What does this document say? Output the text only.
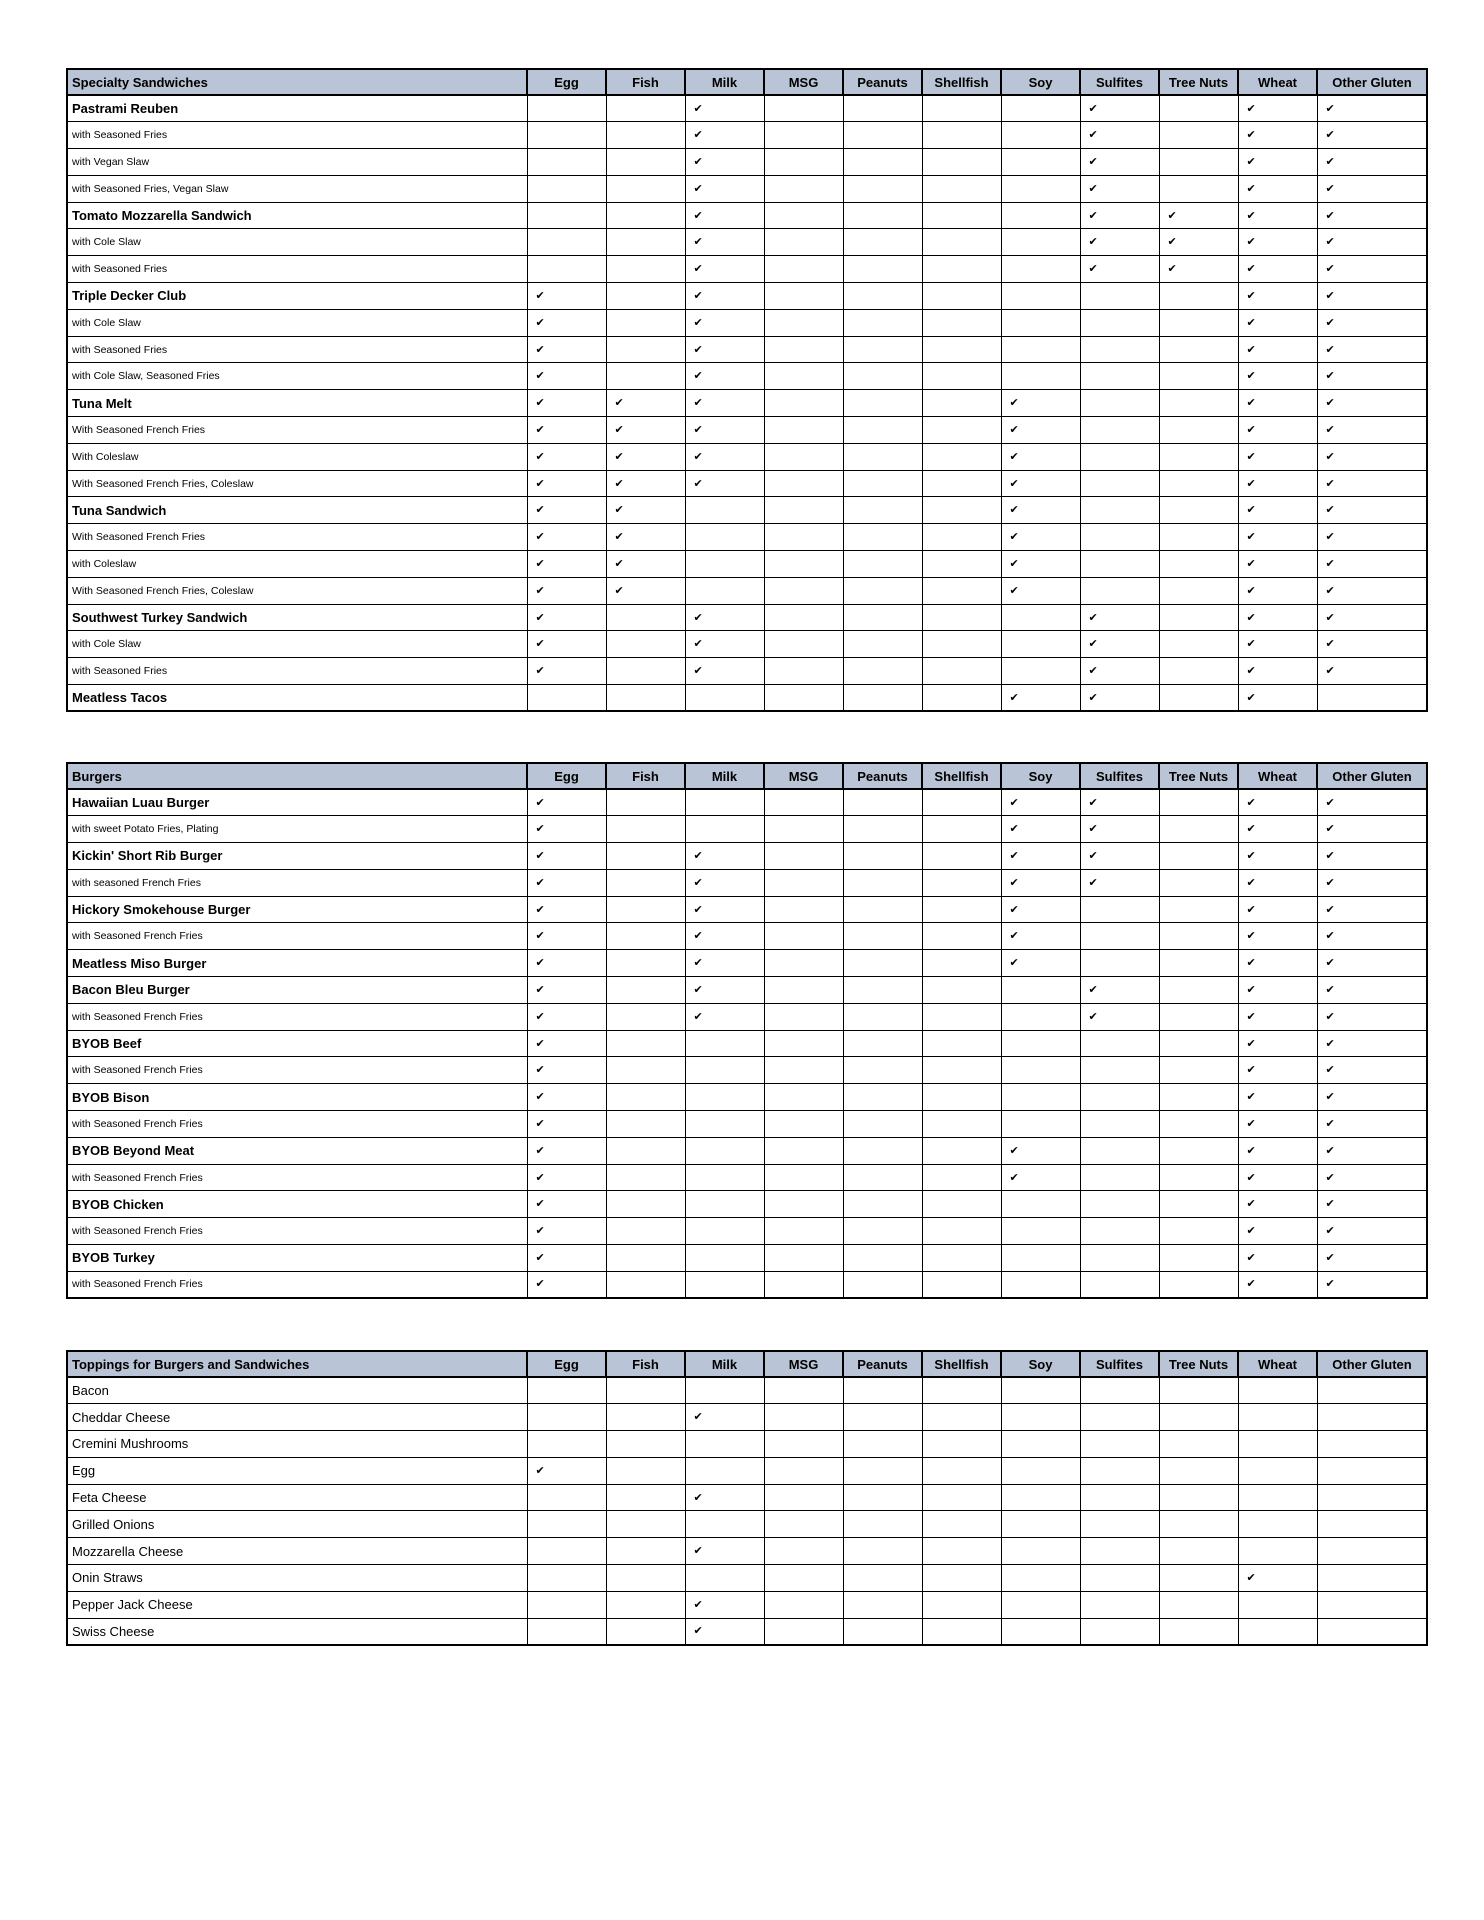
Specialty Sandwiches	Egg	Fish	Milk	MSG	Peanuts	Shellfish	Soy	Sulfites	Tree Nuts	Wheat	Other Gluten
Pastrami Reuben			✔					✔		✔	✔
with Seasoned Fries			✔					✔		✔	✔
with Vegan Slaw			✔					✔		✔	✔
with Seasoned Fries, Vegan Slaw			✔					✔		✔	✔
Tomato Mozzarella Sandwich			✔					✔	✔	✔	✔
with Cole Slaw			✔					✔	✔	✔	✔
with Seasoned Fries			✔					✔	✔	✔	✔
Triple Decker Club	✔		✔							✔	✔
with Cole Slaw	✔		✔							✔	✔
with Seasoned Fries	✔		✔							✔	✔
with Cole Slaw, Seasoned Fries	✔		✔							✔	✔
Tuna Melt	✔	✔	✔				✔			✔	✔
With Seasoned French Fries	✔	✔	✔				✔			✔	✔
With Coleslaw	✔	✔	✔				✔			✔	✔
With Seasoned French Fries, Coleslaw	✔	✔	✔				✔			✔	✔
Tuna Sandwich	✔	✔					✔			✔	✔
With Seasoned French Fries	✔	✔					✔			✔	✔
with Coleslaw	✔	✔					✔			✔	✔
With Seasoned French Fries, Coleslaw	✔	✔					✔			✔	✔
Southwest Turkey Sandwich	✔		✔					✔		✔	✔
with Cole Slaw	✔		✔					✔		✔	✔
with Seasoned Fries	✔		✔					✔		✔	✔
Meatless Tacos							✔	✔		✔	
Burgers	Egg	Fish	Milk	MSG	Peanuts	Shellfish	Soy	Sulfites	Tree Nuts	Wheat	Other Gluten
Hawaiian Luau Burger	✔						✔	✔		✔	✔
with sweet Potato Fries, Plating	✔						✔	✔		✔	✔
Kickin' Short Rib Burger	✔		✔				✔	✔		✔	✔
with seasoned French Fries	✔		✔				✔	✔		✔	✔
Hickory Smokehouse Burger	✔		✔				✔			✔	✔
with Seasoned French Fries	✔		✔				✔			✔	✔
Meatless Miso Burger	✔		✔				✔			✔	✔
Bacon Bleu Burger	✔		✔					✔		✔	✔
with Seasoned French Fries	✔		✔					✔		✔	✔
BYOB Beef	✔									✔	✔
with Seasoned French Fries	✔									✔	✔
BYOB Bison	✔									✔	✔
with Seasoned French Fries	✔									✔	✔
BYOB Beyond Meat	✔						✔			✔	✔
with Seasoned French Fries	✔						✔			✔	✔
BYOB Chicken	✔									✔	✔
with Seasoned French Fries	✔									✔	✔
BYOB Turkey	✔									✔	✔
with Seasoned French Fries	✔									✔	✔
Toppings for Burgers and Sandwiches	Egg	Fish	Milk	MSG	Peanuts	Shellfish	Soy	Sulfites	Tree Nuts	Wheat	Other Gluten
Bacon											
Cheddar Cheese			✔								
Cremini Mushrooms											
Egg	✔										
Feta Cheese			✔								
Grilled Onions											
Mozzarella Cheese			✔								
Onin Straws										✔	
Pepper Jack Cheese			✔								
Swiss Cheese			✔								
